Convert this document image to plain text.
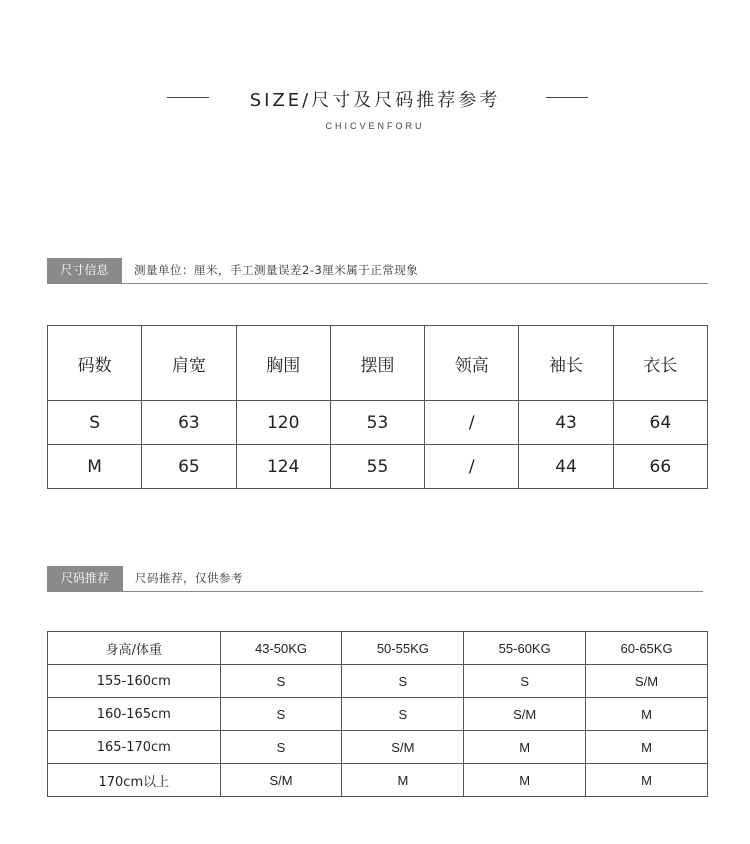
SIZE/尺寸及尺码推荐参考
CHICVENFORU
尺寸信息	测量单位：厘米，手工测量误差2-3厘米属于正常现象
码数	肩宽	胸围	摆围	领高	袖长	衣长
S	63	120	53	/	43	64
M	65	124	55	/	44	66
尺码推荐	尺码推荐，仅供参考
身高/体重	43-50KG	50-55KG	55-60KG	60-65KG
155-160cm	S	S	S	S/M
160-165cm	S	S	S/M	M
165-170cm	S	S/M	M	M
170cm以上	S/M	M	M	M
